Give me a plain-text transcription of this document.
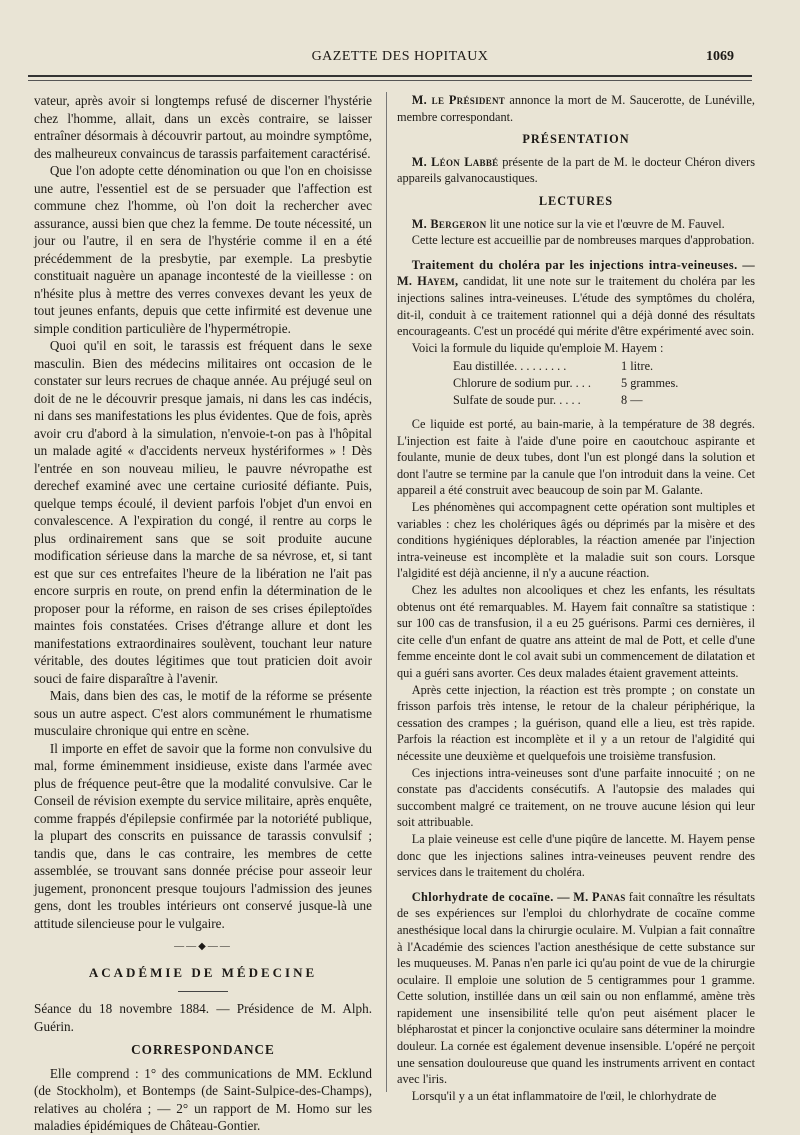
GAZETTE DES HOPITAUX	1069

vateur, après avoir si longtemps refusé de discerner l'hystérie chez l'homme, allait, dans un excès contraire, se laisser entraîner désormais à découvrir partout, au moindre symptôme, des malheureux convaincus de tarassis parfaitement caractérisé.

Que l'on adopte cette dénomination ou que l'on en choisisse une autre, l'essentiel est de se persuader que l'affection est commune chez l'homme, où l'on doit la rechercher avec assurance, aussi bien que chez la femme. De toute nécessité, un jour ou l'autre, il en sera de l'hystérie comme il en a été précédemment de la presbytie, par exemple. La presbytie constituait naguère un apanage incontesté de la vieillesse : on n'hésite plus à mettre des verres convexes devant les yeux de tout jeunes enfants, depuis que cette infirmité est devenue une simple condition particulière de l'hypermétropie.

Quoi qu'il en soit, le tarassis est fréquent dans le sexe masculin. Bien des médecins militaires ont occasion de le constater sur leurs recrues de chaque année. Au préjugé seul on doit de ne le découvrir presque jamais, ni dans les cas indécis, ni dans ses manifestations les plus évidentes. Que de fois, après avoir cru d'abord à la simulation, n'envoie-t-on pas à l'hôpital un malade agité « d'accidents nerveux hystériformes » ! Dès l'entrée en son nouveau milieu, le pauvre névropathe est derechef examiné avec une certaine curiosité défiante. Puis, quelque temps écoulé, il devient parfois l'objet d'un envoi en convalescence. A l'expiration du congé, il rentre au corps le plus ordinairement sans que se soit produite aucune modification sérieuse dans la marche de sa névrose, et, si tant est que sur ces entrefaites l'heure de la libération ne l'ait pas encore surpris en route, on prend enfin la détermination de le proposer pour la réforme, en raison de ses crises épileptoïdes maintes fois constatées. Crises d'étrange allure et dont les manifestations extraordinaires soulèvent, touchant leur nature véritable, des doutes légitimes que tout praticien doit avoir souci de faire disparaître à l'avenir.

Mais, dans bien des cas, le motif de la réforme se présente sous un autre aspect. C'est alors communément le rhumatisme musculaire chronique qui entre en scène.

Il importe en effet de savoir que la forme non convulsive du mal, forme éminemment insidieuse, existe dans l'armée avec plus de fréquence peut-être que la modalité convulsive. Car le Conseil de révision exempte du service militaire, après enquête, comme frappés d'épilepsie confirmée par la notoriété publique, la plupart des conscrits en puissance de tarassis convulsif ; tandis que, dans le cas contraire, les membres de cette assemblée, se trouvant sans donnée précise pour asseoir leur jugement, prononcent presque toujours l'admission des jeunes gens, dont les troubles intérieurs ont conservé jusque-là une attitude silencieuse pour le vulgaire.

——◆——
ACADÉMIE DE MÉDECINE

Séance du 18 novembre 1884. — Présidence de M. Alph. Guérin.

CORRESPONDANCE

Elle comprend : 1° des communications de MM. Ecklund (de Stockholm), et Bontemps (de Saint-Sulpice-des-Champs), relatives au choléra ; — 2° un rapport de M. Homo sur les maladies épidémiques de Château-Gontier.

M. le Président annonce la mort de M. Saucerotte, de Lunéville, membre correspondant.

PRÉSENTATION

M. Léon Labbé présente de la part de M. le docteur Chéron divers appareils galvanocaustiques.

LECTURES

M. Bergeron lit une notice sur la vie et l'œuvre de M. Fauvel.

Cette lecture est accueillie par de nombreuses marques d'approbation.

Traitement du choléra par les injections intra-veineuses. — M. Hayem, candidat, lit une note sur le traitement du choléra par les injections salines intra-veineuses. L'étude des symptômes du choléra, dit-il, conduit à ce traitement rationnel qui a déjà donné des résultats encourageants. C'est un procédé qui mérite d'être expérimenté avec soin.

Voici la formule du liquide qu'emploie M. Hayem :

Eau distillée. . . . . . . . .	1 litre.
Chlorure de sodium pur. . . .	5 grammes.
Sulfate de soude pur. . . . .	8 —

Ce liquide est porté, au bain-marie, à la température de 38 degrés. L'injection est faite à l'aide d'une poire en caoutchouc aspirante et foulante, munie de deux tubes, dont l'un est plongé dans la solution et dont l'autre se termine par la canule que l'on introduit dans la veine. Cet appareil a été construit avec beaucoup de soin par M. Galante.

Les phénomènes qui accompagnent cette opération sont multiples et variables : chez les cholériques âgés ou déprimés par la misère et des conditions hygiéniques déplorables, la réaction amenée par l'injection intra-veineuse est incomplète et la maladie suit son cours. Lorsque l'algidité est déjà ancienne, il n'y a aucune réaction.

Chez les adultes non alcooliques et chez les enfants, les résultats obtenus ont été remarquables. M. Hayem fait connaître sa statistique : sur 100 cas de transfusion, il a eu 25 guérisons. Parmi ces dernières, il cite celle d'un enfant de quatre ans atteint de mal de Pott, et celle d'une femme enceinte dont le col avait subi un commencement de dilatation et qui a guéri sans avorter. Ces deux malades étaient gravement atteints.

Après cette injection, la réaction est très prompte ; on constate un frisson parfois très intense, le retour de la chaleur périphérique, la cessation des crampes ; la guérison, quand elle a lieu, est très rapide. Parfois la réaction est incomplète et il y a un retour de l'algidité qui nécessite une deuxième et quelquefois une troisième transfusion.

Ces injections intra-veineuses sont d'une parfaite innocuité ; on ne constate pas d'accidents consécutifs. A l'autopsie des malades qui succombent malgré ce traitement, on ne trouve aucune lésion qui leur soit attribuable.

La plaie veineuse est celle d'une piqûre de lancette. M. Hayem pense donc que les injections salines intra-veineuses peuvent rendre des services dans le traitement du choléra.

Chlorhydrate de cocaïne. — M. Panas fait connaître les résultats de ses expériences sur l'emploi du chlorhydrate de cocaïne comme anesthésique local dans la chirurgie oculaire. M. Vulpian a fait connaître à l'Académie des sciences l'action anesthésique de cette substance sur les muqueuses. M. Panas n'en parle ici qu'au point de vue de la chirurgie oculaire. Il emploie une solution de 5 centigrammes pour 1 gramme. Cette solution, instillée dans un œil sain ou non enflammé, amène très rapidement une insensibilité telle qu'on peut aisément placer le blépharostat et pincer la conjonctive oculaire sans déterminer la moindre douleur. La cornée est également devenue insensible. L'opéré ne perçoit une sensation douloureuse que quand les instruments arrivent en contact avec l'iris.

Lorsqu'il y a un état inflammatoire de l'œil, le chlorhydrate de
